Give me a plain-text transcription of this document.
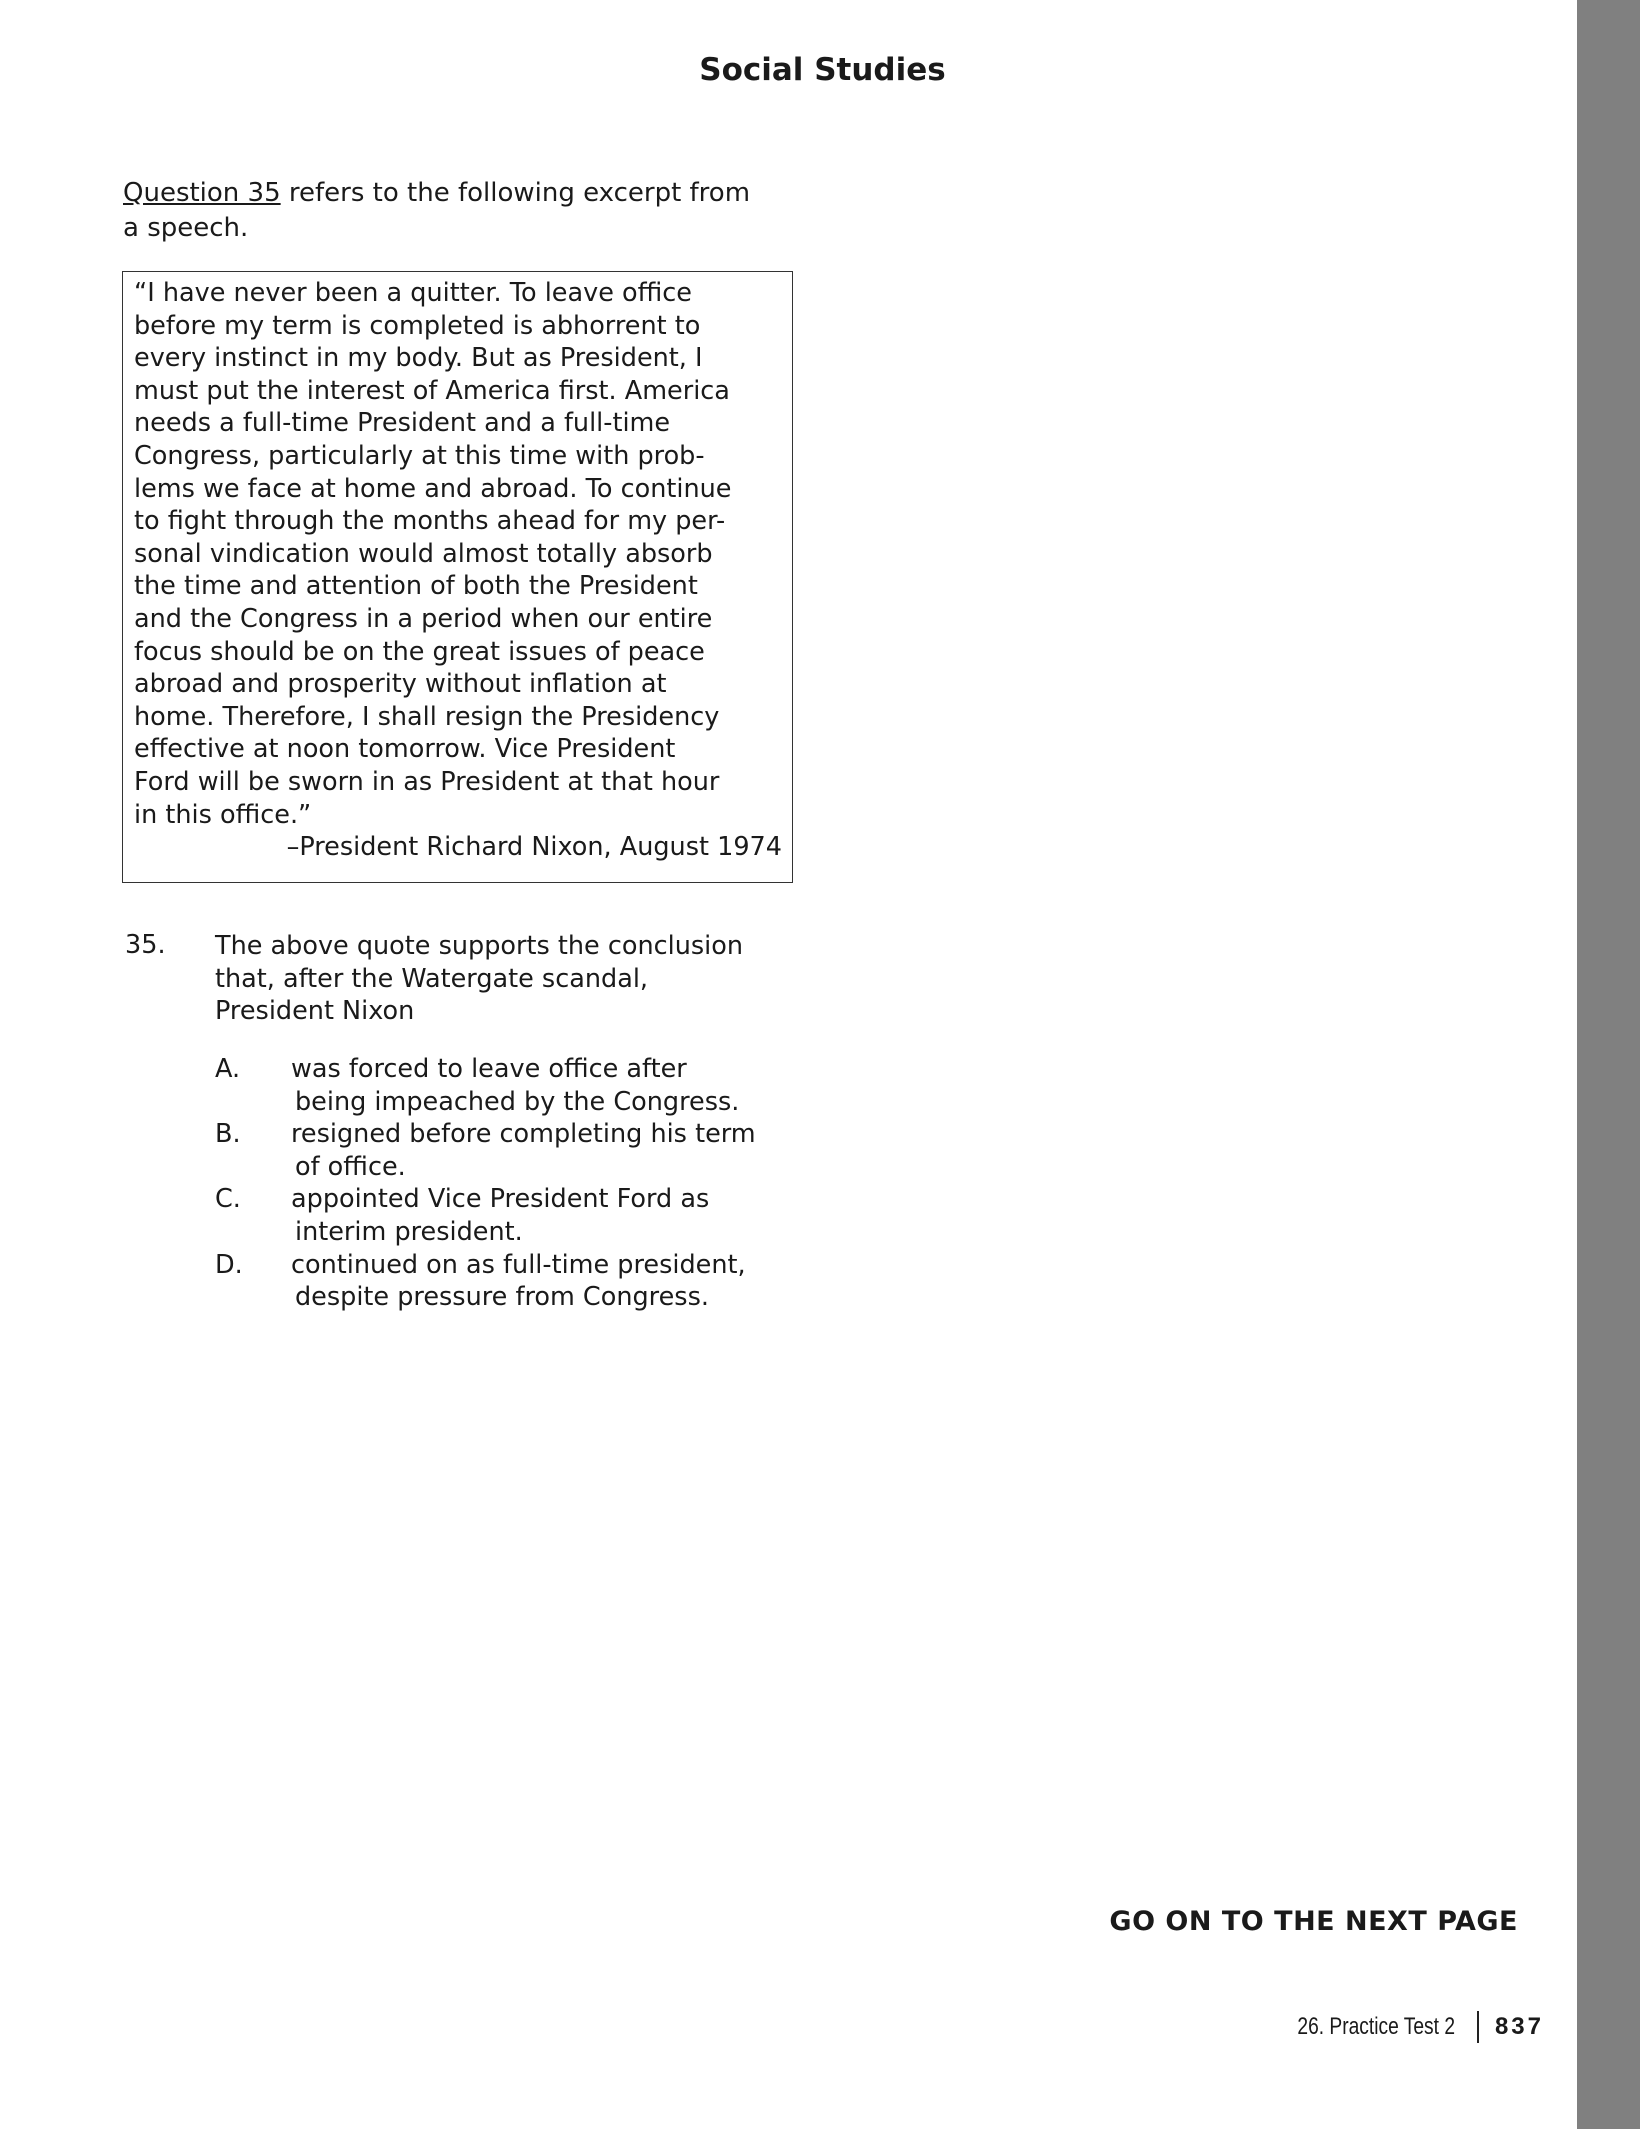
Social Studies
Question 35 refers to the following excerpt from
a speech.
“I have never been a quitter. To leave office
before my term is completed is abhorrent to
every instinct in my body. But as President, I
must put the interest of America first. America
needs a full-time President and a full-time
Congress, particularly at this time with prob-
lems we face at home and abroad. To continue
to fight through the months ahead for my per-
sonal vindication would almost totally absorb
the time and attention of both the President
and the Congress in a period when our entire
focus should be on the great issues of peace
abroad and prosperity without inflation at
home. Therefore, I shall resign the Presidency
effective at noon tomorrow. Vice President
Ford will be sworn in as President at that hour
in this office.”
–President Richard Nixon, August 1974
35. The above quote supports the conclusion
that, after the Watergate scandal,
President Nixon
A. was forced to leave office after
being impeached by the Congress.
B. resigned before completing his term
of office.
C. appointed Vice President Ford as
interim president.
D. continued on as full-time president,
despite pressure from Congress.
GO ON TO THE NEXT PAGE
26. Practice Test 2 837
